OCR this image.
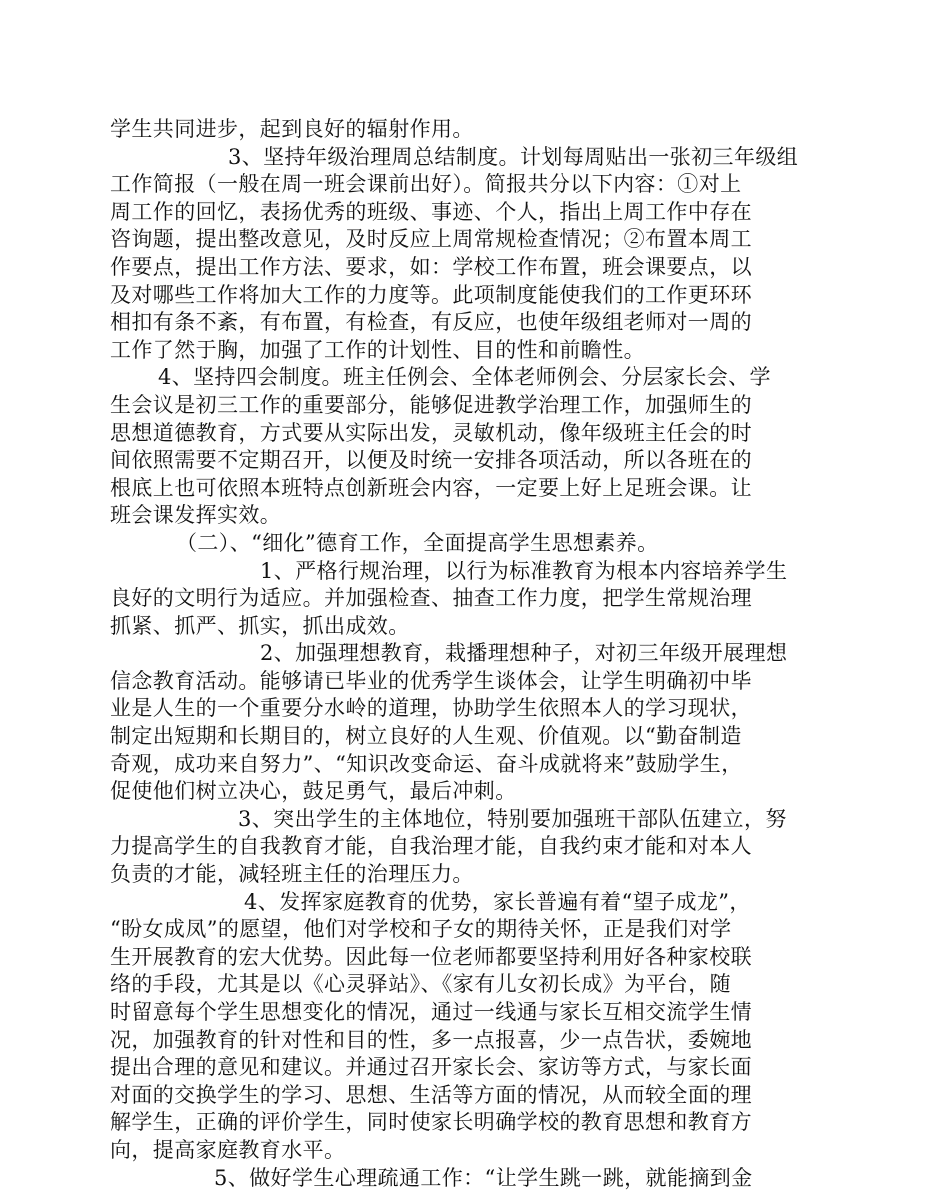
学生共同进步，起到良好的辐射作用。
3、坚持年级治理周总结制度。计划每周贴出一张初三年级组
工作简报（一般在周一班会课前出好）。简报共分以下内容：①对上
周工作的回忆，表扬优秀的班级、事迹、个人，指出上周工作中存在
咨询题，提出整改意见，及时反应上周常规检查情况；②布置本周工
作要点，提出工作方法、要求，如：学校工作布置，班会课要点，以
及对哪些工作将加大工作的力度等。此项制度能使我们的工作更环环
相扣有条不紊，有布置，有检查，有反应，也使年级组老师对一周的
工作了然于胸，加强了工作的计划性、目的性和前瞻性。
4、坚持四会制度。班主任例会、全体老师例会、分层家长会、学
生会议是初三工作的重要部分，能够促进教学治理工作，加强师生的
思想道德教育，方式要从实际出发，灵敏机动，像年级班主任会的时
间依照需要不定期召开，以便及时统一安排各项活动，所以各班在的
根底上也可依照本班特点创新班会内容，一定要上好上足班会课。让
班会课发挥实效。
（二）、“细化”德育工作，全面提高学生思想素养。
1、严格行规治理，以行为标准教育为根本内容培养学生
良好的文明行为适应。并加强检查、抽查工作力度，把学生常规治理
抓紧、抓严、抓实，抓出成效。
2、加强理想教育，栽播理想种子，对初三年级开展理想
信念教育活动。能够请已毕业的优秀学生谈体会，让学生明确初中毕
业是人生的一个重要分水岭的道理，协助学生依照本人的学习现状，
制定出短期和长期目的，树立良好的人生观、价值观。以“勤奋制造
奇观，成功来自努力”、“知识改变命运、奋斗成就将来”鼓励学生，
促使他们树立决心，鼓足勇气，最后冲刺。
3、突出学生的主体地位，特别要加强班干部队伍建立，努
力提高学生的自我教育才能，自我治理才能，自我约束才能和对本人
负责的才能，减轻班主任的治理压力。
4、发挥家庭教育的优势，家长普遍有着“望子成龙”，
“盼女成凤”的愿望，他们对学校和子女的期待关怀，正是我们对学
生开展教育的宏大优势。因此每一位老师都要坚持利用好各种家校联
络的手段，尤其是以《心灵驿站》、《家有儿女初长成》为平台，随
时留意每个学生思想变化的情况，通过一线通与家长互相交流学生情
况，加强教育的针对性和目的性，多一点报喜，少一点告状，委婉地
提出合理的意见和建议。并通过召开家长会、家访等方式，与家长面
对面的交换学生的学习、思想、生活等方面的情况，从而较全面的理
解学生，正确的评价学生，同时使家长明确学校的教育思想和教育方
向，提高家庭教育水平。
5、做好学生心理疏通工作：“让学生跳一跳，就能摘到金
